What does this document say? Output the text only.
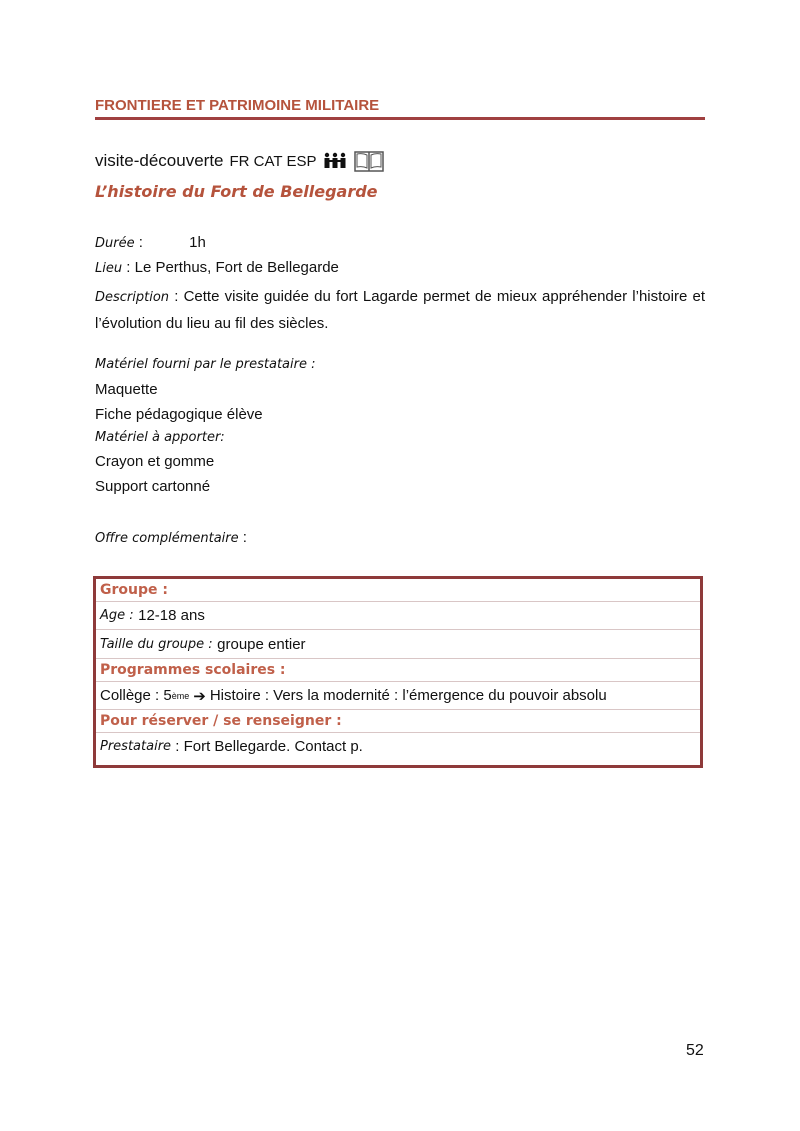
FRONTIERE ET PATRIMOINE MILITAIRE
visite-découverte FR CAT ESP
L’histoire du Fort de Bellegarde
Durée :	1h
Lieu : Le Perthus, Fort de Bellegarde
Description : Cette visite guidée du fort Lagarde permet de mieux appréhender l’histoire et l’évolution du lieu au fil des siècles.
Matériel fourni par le prestataire :
Maquette
Fiche pédagogique élève
Matériel à apporter:
Crayon et gomme
Support cartonné
Offre complémentaire :
Groupe :
Age :
12-18 ans
Taille du groupe :
groupe entier
Programmes scolaires :
Collège : 5 ème ➔ Histoire : Vers la modernité : l’émergence du pouvoir absolu
Pour réserver / se renseigner :
Prestataire : Fort Bellegarde. Contact p.
52
